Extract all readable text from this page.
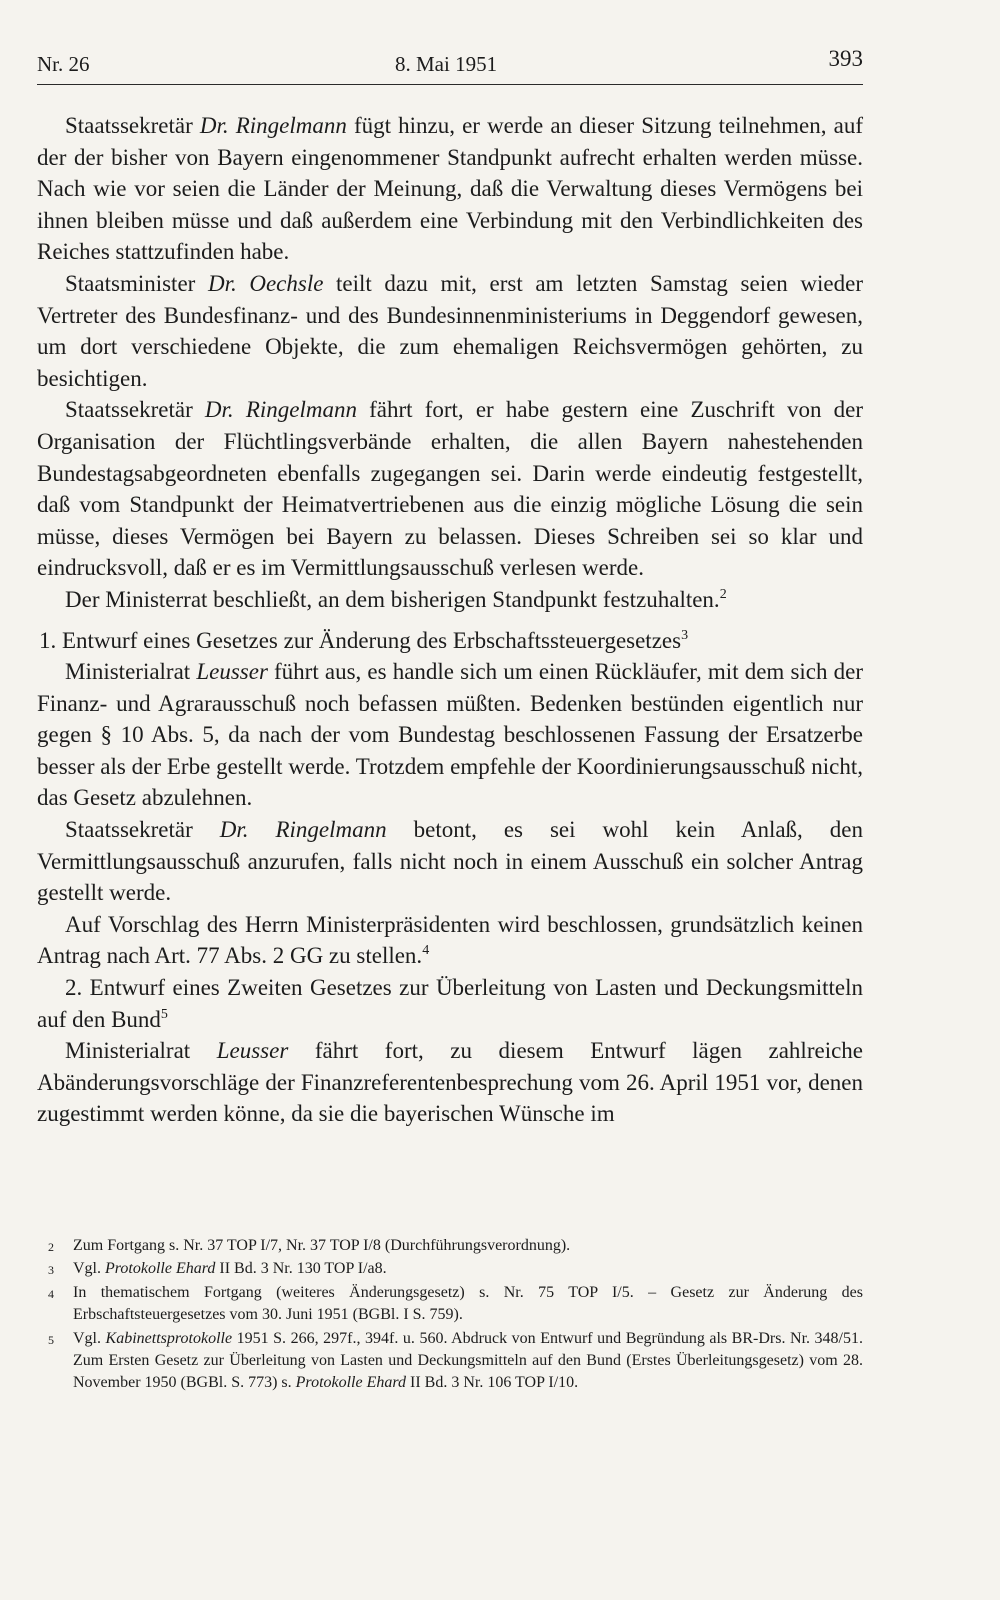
Nr. 26	8. Mai 1951	393

Staatssekretär Dr. Ringelmann fügt hinzu, er werde an dieser Sitzung teilnehmen, auf der der bisher von Bayern eingenommener Standpunkt aufrecht erhalten werden müsse. Nach wie vor seien die Länder der Meinung, daß die Verwaltung dieses Vermögens bei ihnen bleiben müsse und daß außerdem eine Verbindung mit den Verbindlichkeiten des Reiches stattzufinden habe.

Staatsminister Dr. Oechsle teilt dazu mit, erst am letzten Samstag seien wieder Vertreter des Bundesfinanz- und des Bundesinnenministeriums in Deggendorf gewesen, um dort verschiedene Objekte, die zum ehemaligen Reichsvermögen gehörten, zu besichtigen.

Staatssekretär Dr. Ringelmann fährt fort, er habe gestern eine Zuschrift von der Organisation der Flüchtlingsverbände erhalten, die allen Bayern nahestehenden Bundestagsabgeordneten ebenfalls zugegangen sei. Darin werde eindeutig festgestellt, daß vom Standpunkt der Heimatvertriebenen aus die einzig mögliche Lösung die sein müsse, dieses Vermögen bei Bayern zu belassen. Dieses Schreiben sei so klar und eindrucksvoll, daß er es im Vermittlungsausschuß verlesen werde.

Der Ministerrat beschließt, an dem bisherigen Standpunkt festzuhalten.$^2$

1. Entwurf eines Gesetzes zur Änderung des Erbschaftssteuergesetzes$^3$

Ministerialrat Leusser führt aus, es handle sich um einen Rückläufer, mit dem sich der Finanz- und Agrarausschuß noch befassen müßten. Bedenken bestünden eigentlich nur gegen § 10 Abs. 5, da nach der vom Bundestag beschlossenen Fassung der Ersatzerbe besser als der Erbe gestellt werde. Trotzdem empfehle der Koordinierungsausschuß nicht, das Gesetz abzulehnen.

Staatssekretär Dr. Ringelmann betont, es sei wohl kein Anlaß, den Vermittlungsausschuß anzurufen, falls nicht noch in einem Ausschuß ein solcher Antrag gestellt werde.

Auf Vorschlag des Herrn Ministerpräsidenten wird beschlossen, grundsätzlich keinen Antrag nach Art. 77 Abs. 2 GG zu stellen.$^4$

2. Entwurf eines Zweiten Gesetzes zur Überleitung von Lasten und Deckungsmitteln auf den Bund$^5$

Ministerialrat Leusser fährt fort, zu diesem Entwurf lägen zahlreiche Abänderungsvorschläge der Finanzreferentenbesprechung vom 26. April 1951 vor, denen zugestimmt werden könne, da sie die bayerischen Wünsche im

2 Zum Fortgang s. Nr. 37 TOP I/7, Nr. 37 TOP I/8 (Durchführungsverordnung).
3 Vgl. Protokolle Ehard II Bd. 3 Nr. 130 TOP I/a8.
4 In thematischem Fortgang (weiteres Änderungsgesetz) s. Nr. 75 TOP I/5. – Gesetz zur Änderung des Erbschaftsteuergesetzes vom 30. Juni 1951 (BGBl. I S. 759).
5 Vgl. Kabinettsprotokolle 1951 S. 266, 297f., 394f. u. 560. Abdruck von Entwurf und Begründung als BR-Drs. Nr. 348/51. Zum Ersten Gesetz zur Überleitung von Lasten und Deckungsmitteln auf den Bund (Erstes Überleitungsgesetz) vom 28. November 1950 (BGBl. S. 773) s. Protokolle Ehard II Bd. 3 Nr. 106 TOP I/10.
